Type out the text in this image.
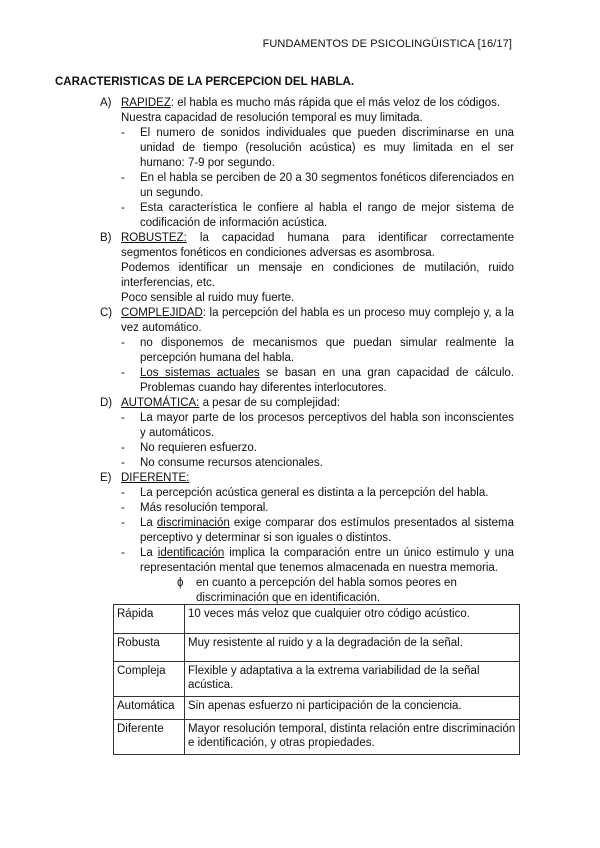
FUNDAMENTOS DE PSICOLINGÜISTICA [16/17]
CARACTERISTICAS DE LA PERCEPCION DEL HABLA.
A) RAPIDEZ: el habla es mucho más rápida que el más veloz de los códigos.
Nuestra capacidad de resolución temporal es muy limitada.
- El numero de sonidos individuales que pueden discriminarse en una unidad de tiempo (resolución acústica) es muy limitada en el ser humano: 7-9 por segundo.
- En el habla se perciben de 20 a 30 segmentos fonéticos diferenciados en un segundo.
- Esta característica le confiere al habla el rango de mejor sistema de codificación de información acústica.
B) ROBUSTEZ: la capacidad humana para identificar correctamente segmentos fonéticos en condiciones adversas es asombrosa.
Podemos identificar un mensaje en condiciones de mutilación, ruido interferencias, etc.
Poco sensible al ruido muy fuerte.
C) COMPLEJIDAD: la percepción del habla es un proceso muy complejo y, a la vez automático.
- no disponemos de mecanismos que puedan simular realmente la percepción humana del habla.
- Los sistemas actuales se basan en una gran capacidad de cálculo. Problemas cuando hay diferentes interlocutores.
D) AUTOMÁTICA: a pesar de su complejidad:
- La mayor parte de los procesos perceptivos del habla son inconscientes y automáticos.
- No requieren esfuerzo.
- No consume recursos atencionales.
E) DIFERENTE:
- La percepción acústica general es distinta a la percepción del habla.
- Más resolución temporal.
- La discriminación exige comparar dos estímulos presentados al sistema perceptivo y determinar si son iguales o distintos.
- La identificación implica la comparación entre un único estimulo y una representación mental que tenemos almacenada en nuestra memoria.
ϕ en cuanto a percepción del habla somos peores en discriminación que en identificación.
Rápida	10 veces más veloz que cualquier otro código acústico.
Robusta	Muy resistente al ruido y a la degradación de la señal.
Compleja	Flexible y adaptativa a la extrema variabilidad de la señal acústica.
Automática	Sin apenas esfuerzo ni participación de la conciencia.
Diferente	Mayor resolución temporal, distinta relación entre discriminación e identificación, y otras propiedades.
